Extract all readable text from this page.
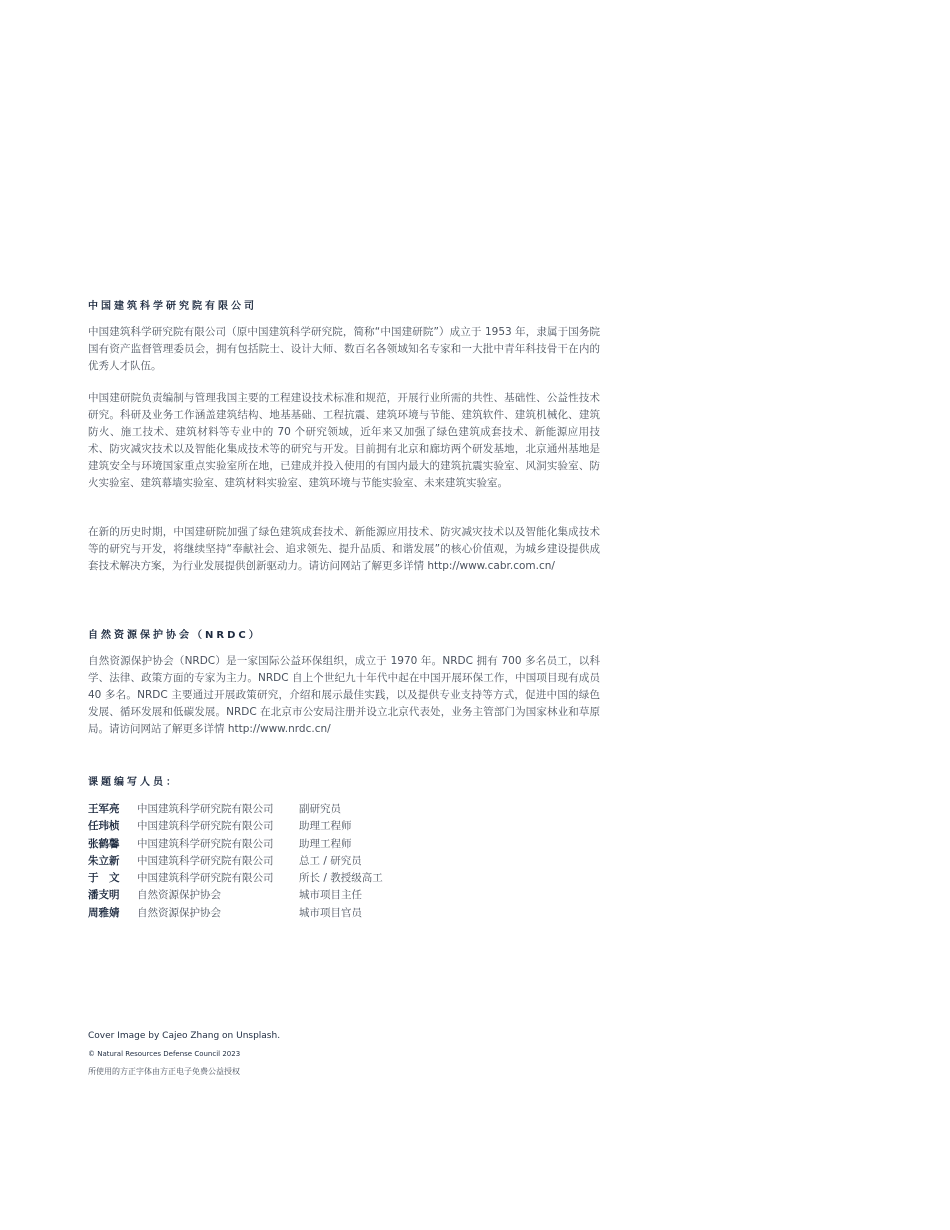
中国建筑科学研究院有限公司
中国建筑科学研究院有限公司（原中国建筑科学研究院，简称“中国建研院”）成立于 1953 年，隶属于国务院国有资产监督管理委员会，拥有包括院士、设计大师、数百名各领域知名专家和一大批中青年科技骨干在内的优秀人才队伍。
中国建研院负责编制与管理我国主要的工程建设技术标准和规范，开展行业所需的共性、基础性、公益性技术研究。科研及业务工作涵盖建筑结构、地基基础、工程抗震、建筑环境与节能、建筑软件、建筑机械化、建筑防火、施工技术、建筑材料等专业中的 70 个研究领域，近年来又加强了绿色建筑成套技术、新能源应用技术、防灾减灾技术以及智能化集成技术等的研究与开发。目前拥有北京和廊坊两个研发基地，北京通州基地是建筑安全与环境国家重点实验室所在地，已建成并投入使用的有国内最大的建筑抗震实验室、风洞实验室、防火实验室、建筑幕墙实验室、建筑材料实验室、建筑环境与节能实验室、未来建筑实验室。
在新的历史时期，中国建研院加强了绿色建筑成套技术、新能源应用技术、防灾减灾技术以及智能化集成技术等的研究与开发，将继续坚持“奉献社会、追求领先、提升品质、和谐发展”的核心价值观，为城乡建设提供成套技术解决方案，为行业发展提供创新驱动力。请访问网站了解更多详情 http://www.cabr.com.cn/
自然资源保护协会（NRDC）
自然资源保护协会（NRDC）是一家国际公益环保组织，成立于 1970 年。NRDC 拥有 700 多名员工，以科学、法律、政策方面的专家为主力。NRDC 自上个世纪九十年代中起在中国开展环保工作，中国项目现有成员 40 多名。NRDC 主要通过开展政策研究，介绍和展示最佳实践，以及提供专业支持等方式，促进中国的绿色发展、循环发展和低碳发展。NRDC 在北京市公安局注册并设立北京代表处，业务主管部门为国家林业和草原局。请访问网站了解更多详情 http://www.nrdc.cn/
课题编写人员：
王军亮	中国建筑科学研究院有限公司	副研究员
任玮桢	中国建筑科学研究院有限公司	助理工程师
张鹤馨	中国建筑科学研究院有限公司	助理工程师
朱立新	中国建筑科学研究院有限公司	总工 / 研究员
于　文	中国建筑科学研究院有限公司	所长 / 教授级高工
潘支明	自然资源保护协会	城市项目主任
周雅婧	自然资源保护协会	城市项目官员
Cover Image by Cajeo Zhang on Unsplash.
© Natural Resources Defense Council 2023
所使用的方正字体由方正电子免费公益授权
